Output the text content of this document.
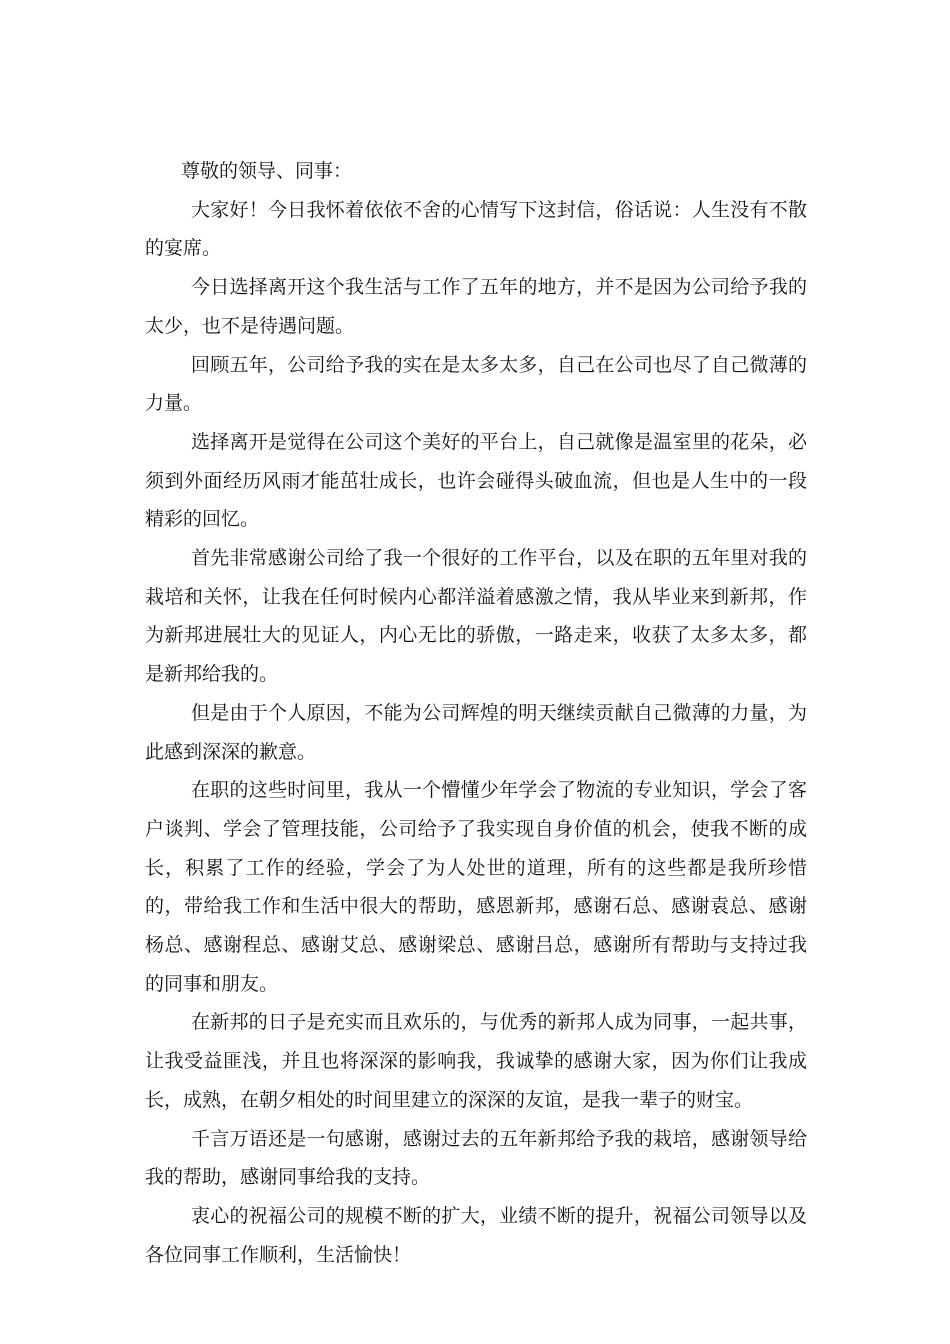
尊敬的领导、同事：

大家好！今日我怀着依依不舍的心情写下这封信，俗话说：人生没有不散的宴席。

今日选择离开这个我生活与工作了五年的地方，并不是因为公司给予我的太少，也不是待遇问题。

回顾五年，公司给予我的实在是太多太多，自己在公司也尽了自己微薄的力量。

选择离开是觉得在公司这个美好的平台上，自己就像是温室里的花朵，必须到外面经历风雨才能茁壮成长，也许会碰得头破血流，但也是人生中的一段精彩的回忆。

首先非常感谢公司给了我一个很好的工作平台，以及在职的五年里对我的栽培和关怀，让我在任何时候内心都洋溢着感激之情，我从毕业来到新邦，作为新邦进展壮大的见证人，内心无比的骄傲，一路走来，收获了太多太多，都是新邦给我的。

但是由于个人原因，不能为公司辉煌的明天继续贡献自己微薄的力量，为此感到深深的歉意。

在职的这些时间里，我从一个懵懂少年学会了物流的专业知识，学会了客户谈判、学会了管理技能，公司给予了我实现自身价值的机会，使我不断的成长，积累了工作的经验，学会了为人处世的道理，所有的这些都是我所珍惜的，带给我工作和生活中很大的帮助，感恩新邦，感谢石总、感谢袁总、感谢杨总、感谢程总、感谢艾总、感谢梁总、感谢吕总，感谢所有帮助与支持过我的同事和朋友。

在新邦的日子是充实而且欢乐的，与优秀的新邦人成为同事，一起共事，让我受益匪浅，并且也将深深的影响我，我诚挚的感谢大家，因为你们让我成长，成熟，在朝夕相处的时间里建立的深深的友谊，是我一辈子的财宝。

千言万语还是一句感谢，感谢过去的五年新邦给予我的栽培，感谢领导给我的帮助，感谢同事给我的支持。

衷心的祝福公司的规模不断的扩大，业绩不断的提升，祝福公司领导以及各位同事工作顺利，生活愉快！
